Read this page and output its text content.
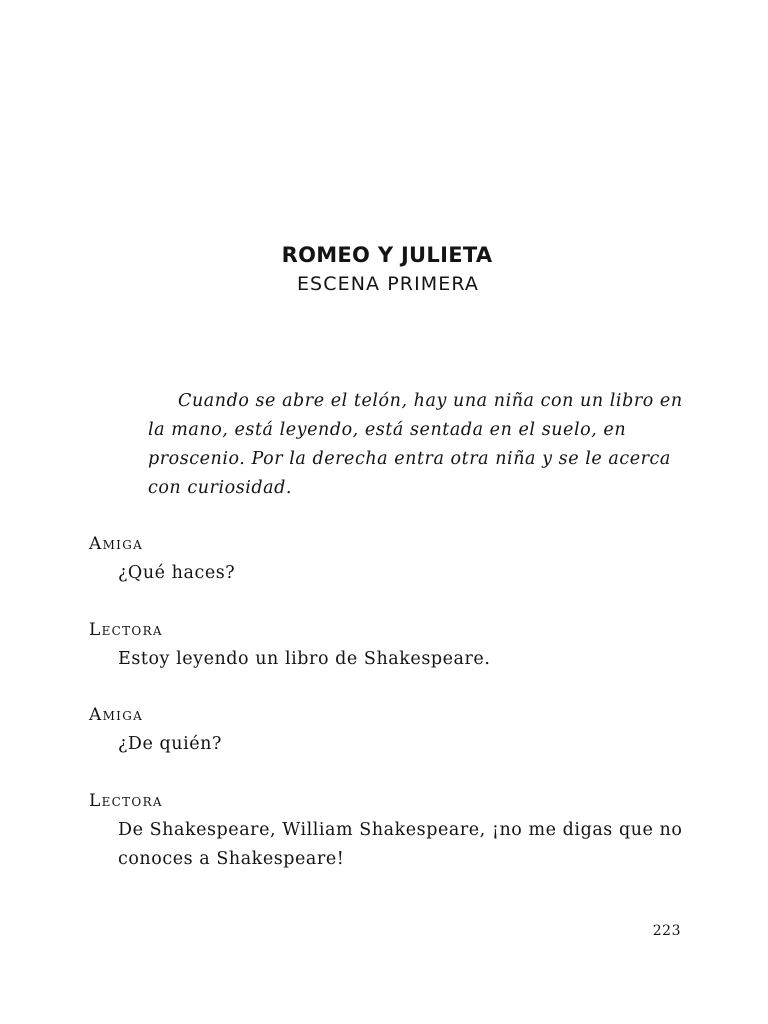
ROMEO Y JULIETA
ESCENA PRIMERA

Cuando se abre el telón, hay una niña con un libro en la mano, está leyendo, está sentada en el suelo, en proscenio. Por la derecha entra otra niña y se le acerca con curiosidad.

Amiga

¿Qué haces?

Lectora

Estoy leyendo un libro de Shakespeare.

Amiga

¿De quién?

Lectora

De Shakespeare, William Shakespeare, ¡no me digas que no conoces a Shakespeare!

223
